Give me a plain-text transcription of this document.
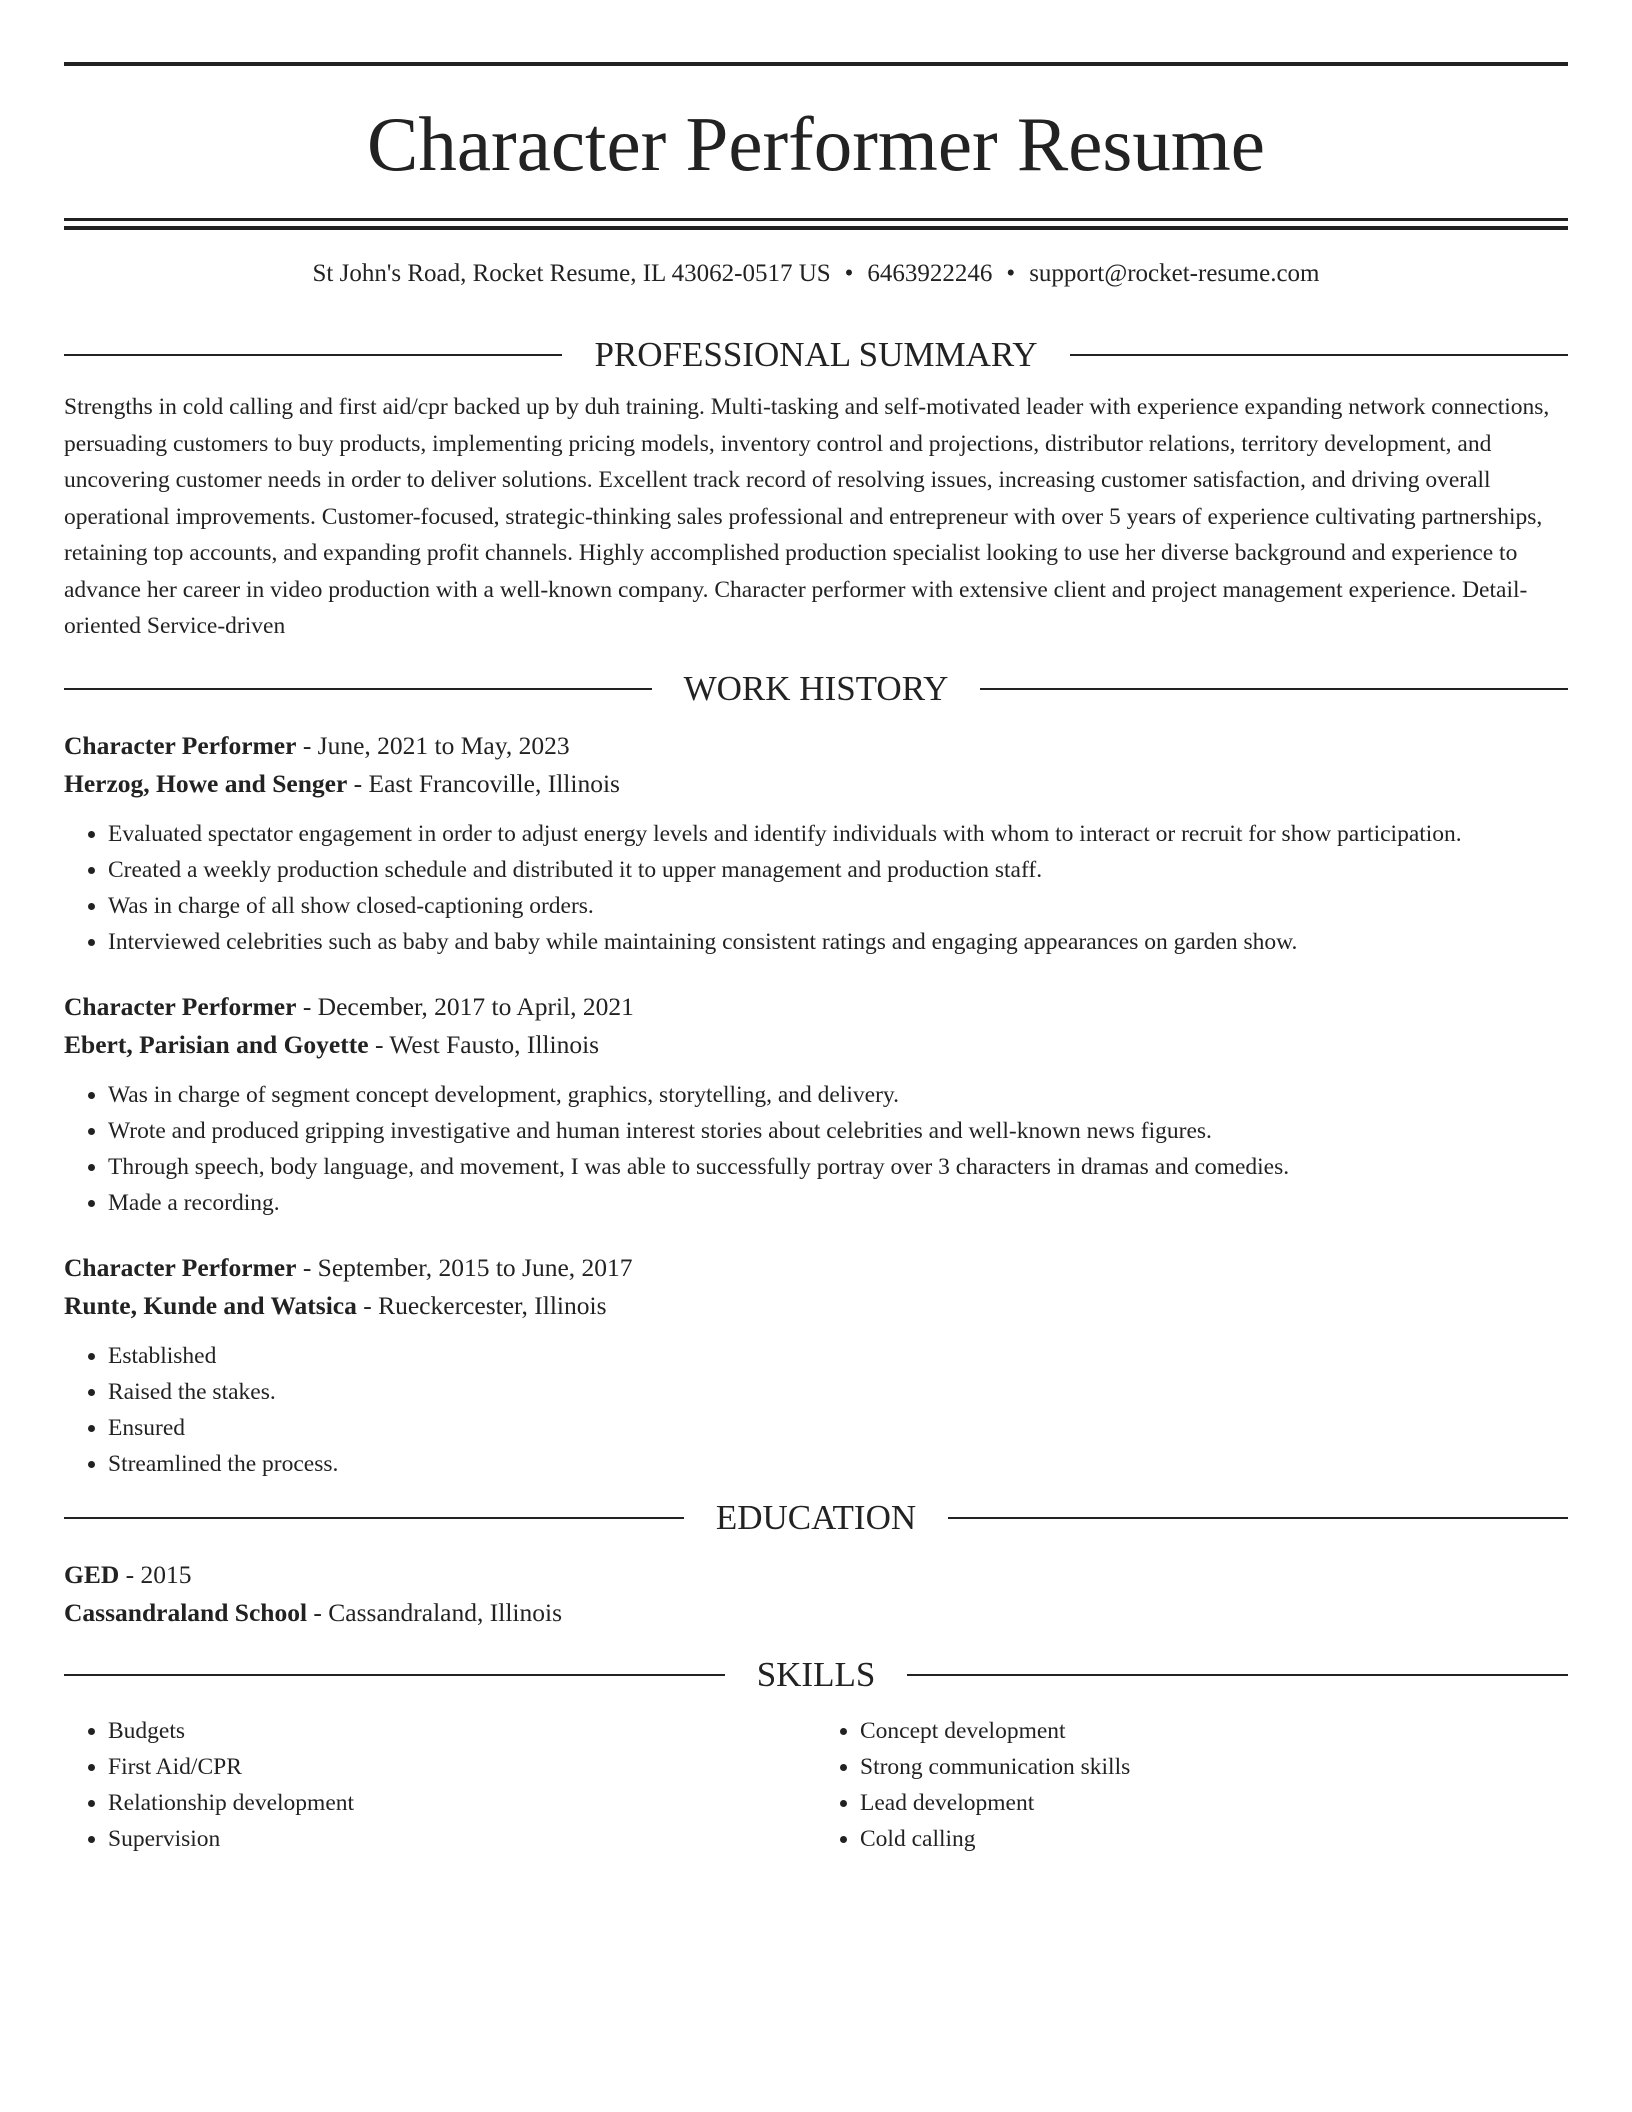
Character Performer Resume
St John's Road, Rocket Resume, IL 43062-0517 US • 6463922246 • support@rocket-resume.com
PROFESSIONAL SUMMARY
Strengths in cold calling and first aid/cpr backed up by duh training. Multi-tasking and self-motivated leader with experience expanding network connections, persuading customers to buy products, implementing pricing models, inventory control and projections, distributor relations, territory development, and uncovering customer needs in order to deliver solutions. Excellent track record of resolving issues, increasing customer satisfaction, and driving overall operational improvements. Customer-focused, strategic-thinking sales professional and entrepreneur with over 5 years of experience cultivating partnerships, retaining top accounts, and expanding profit channels. Highly accomplished production specialist looking to use her diverse background and experience to advance her career in video production with a well-known company. Character performer with extensive client and project management experience. Detail-oriented Service-driven
WORK HISTORY
Character Performer - June, 2021 to May, 2023
Herzog, Howe and Senger - East Francoville, Illinois
• Evaluated spectator engagement in order to adjust energy levels and identify individuals with whom to interact or recruit for show participation.
• Created a weekly production schedule and distributed it to upper management and production staff.
• Was in charge of all show closed-captioning orders.
• Interviewed celebrities such as baby and baby while maintaining consistent ratings and engaging appearances on garden show.
Character Performer - December, 2017 to April, 2021
Ebert, Parisian and Goyette - West Fausto, Illinois
• Was in charge of segment concept development, graphics, storytelling, and delivery.
• Wrote and produced gripping investigative and human interest stories about celebrities and well-known news figures.
• Through speech, body language, and movement, I was able to successfully portray over 3 characters in dramas and comedies.
• Made a recording.
Character Performer - September, 2015 to June, 2017
Runte, Kunde and Watsica - Rueckercester, Illinois
• Established
• Raised the stakes.
• Ensured
• Streamlined the process.
EDUCATION
GED - 2015
Cassandraland School - Cassandraland, Illinois
SKILLS
• Budgets
• First Aid/CPR
• Relationship development
• Supervision
• Concept development
• Strong communication skills
• Lead development
• Cold calling
